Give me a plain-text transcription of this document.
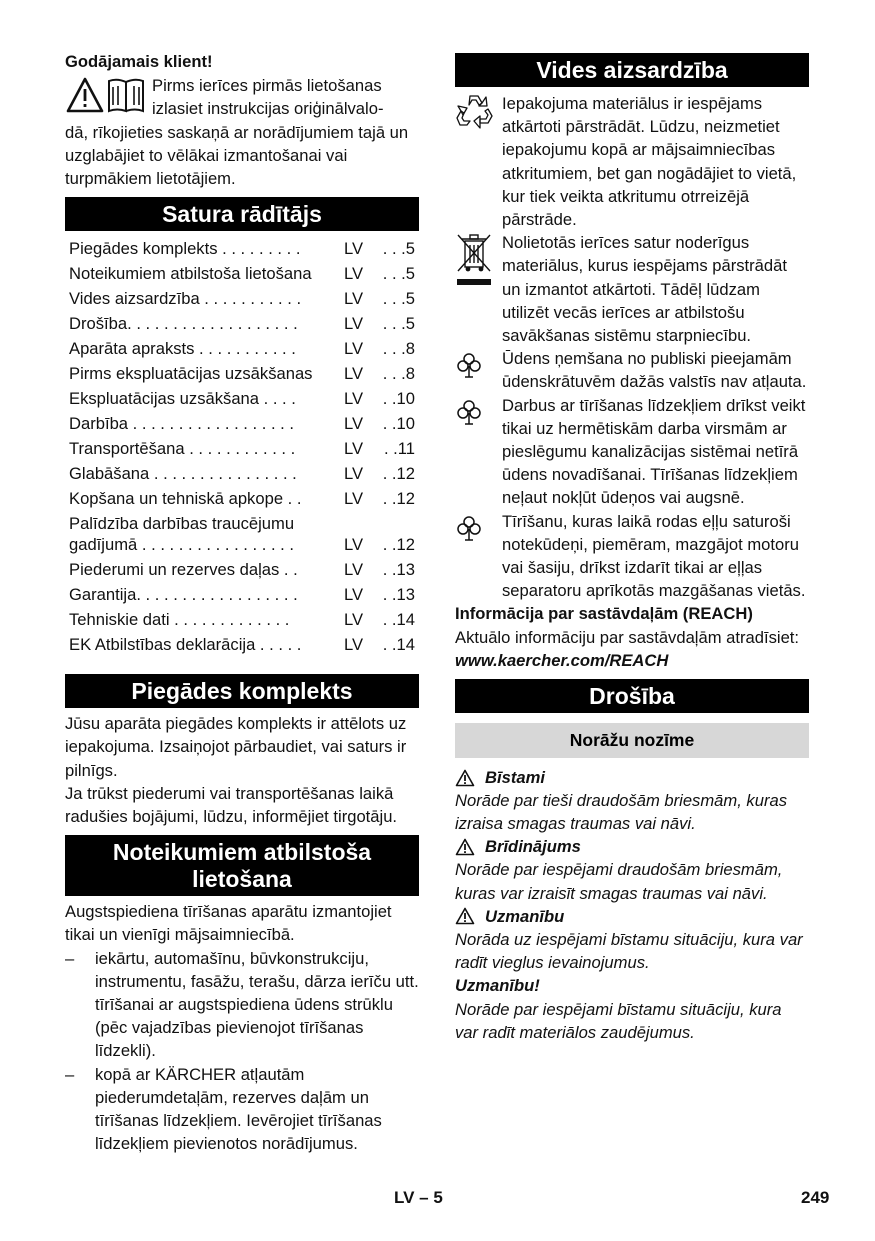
Godājamais klient!

Pirms ierīces pirmās lietošanas izlasiet instrukcijas oriģinālvalo-

dā, rīkojieties saskaņā ar norādījumiem tajā un uzglabājiet to vēlākai izmantošanai vai turpmākiem lietotājiem.

Satura rādītājs
Piegādes komplekts . . . . . . . . .	LV	. . .5
Noteikumiem atbilstoša lietošana	LV	. . .5
Vides aizsardzība . . . . . . . . . . .	LV	. . .5
Drošība. . . . . . . . . . . . . . . . . . .	LV	. . .5
Aparāta apraksts . . . . . . . . . . .	LV	. . .8
Pirms ekspluatācijas uzsākšanas	LV	. . .8
Ekspluatācijas uzsākšana . . . .	LV	. .10
Darbība . . . . . . . . . . . . . . . . . .	LV	. .10
Transportēšana . . . . . . . . . . . .	LV	. .11
Glabāšana . . . . . . . . . . . . . . . .	LV	. .12
Kopšana un tehniskā apkope . .	LV	. .12
Palīdzība darbības traucējumu
gadījumā . . . . . . . . . . . . . . . . .	LV	. .12
Piederumi un rezerves daļas . .	LV	. .13
Garantija. . . . . . . . . . . . . . . . . .	LV	. .13
Tehniskie dati . . . . . . . . . . . . .	LV	. .14
EK Atbilstības deklarācija . . . . .	LV	. .14
Piegādes komplekts

Jūsu aparāta piegādes komplekts ir attēlots uz iepakojuma. Izsaiņojot pārbaudiet, vai saturs ir pilnīgs.

Ja trūkst piederumi vai transportēšanas laikā radušies bojājumi, lūdzu, informējiet tirgotāju.

Noteikumiem atbilstoša
lietošana

Augstspiediena tīrīšanas aparātu izmantojiet tikai un vienīgi mājsaimniecībā.

–	iekārtu, automašīnu, būvkonstrukciju, instrumentu, fasāžu, terašu, dārza ierīču utt. tīrīšanai ar augstspiediena ūdens strūklu (pēc vajadzības pievienojot tīrīšanas līdzekli).
–	kopā ar KÄRCHER atļautām piederumdetaļām, rezerves daļām un tīrīšanas līdzekļiem. Ievērojiet tīrīšanas līdzekļiem pievienotos norādījumus.
Vides aizsardzība
Iepakojuma materiālus ir iespējams atkārtoti pārstrādāt. Lūdzu, neizmetiet iepakojumu kopā ar mājsaimniecības atkritumiem, bet gan nogādājiet to vietā, kur tiek veikta atkritumu otrreizējā pārstrāde.
Nolietotās ierīces satur noderīgus materiālus, kurus iespējams pārstrādāt un izmantot atkārtoti. Tādēļ lūdzam utilizēt vecās ierīces ar atbilstošu savākšanas sistēmu starpniecību.
Ūdens ņemšana no publiski pieejamām ūdenskrātuvēm dažās valstīs nav atļauta.
Darbus ar tīrīšanas līdzekļiem drīkst veikt tikai uz hermētiskām darba virsmām ar pieslēgumu kanalizācijas sistēmai netīrā ūdens novadīšanai. Tīrīšanas līdzekļiem neļaut nokļūt ūdeņos vai augsnē.
Tīrīšanu, kuras laikā rodas eļļu saturoši notekūdeņi, piemēram, mazgājot motoru vai šasiju, drīkst izdarīt tikai ar eļļas separatoru aprīkotās mazgāšanas vietās.

Informācija par sastāvdaļām (REACH)

Aktuālo informāciju par sastāvdaļām atradīsiet:

www.kaercher.com/REACH

Drošība
Norāžu nozīme
Bīstami

Norāde par tieši draudošām briesmām, kuras izraisa smagas traumas vai nāvi.

Brīdinājums

Norāde par iespējami draudošām briesmām, kuras var izraisīt smagas traumas vai nāvi.

Uzmanību

Norāda uz iespējami bīstamu situāciju, kura var radīt vieglus ievainojumus.

Uzmanību!

Norāde par iespējami bīstamu situāciju, kura var radīt materiālos zaudējumus.

LV – 5	249
